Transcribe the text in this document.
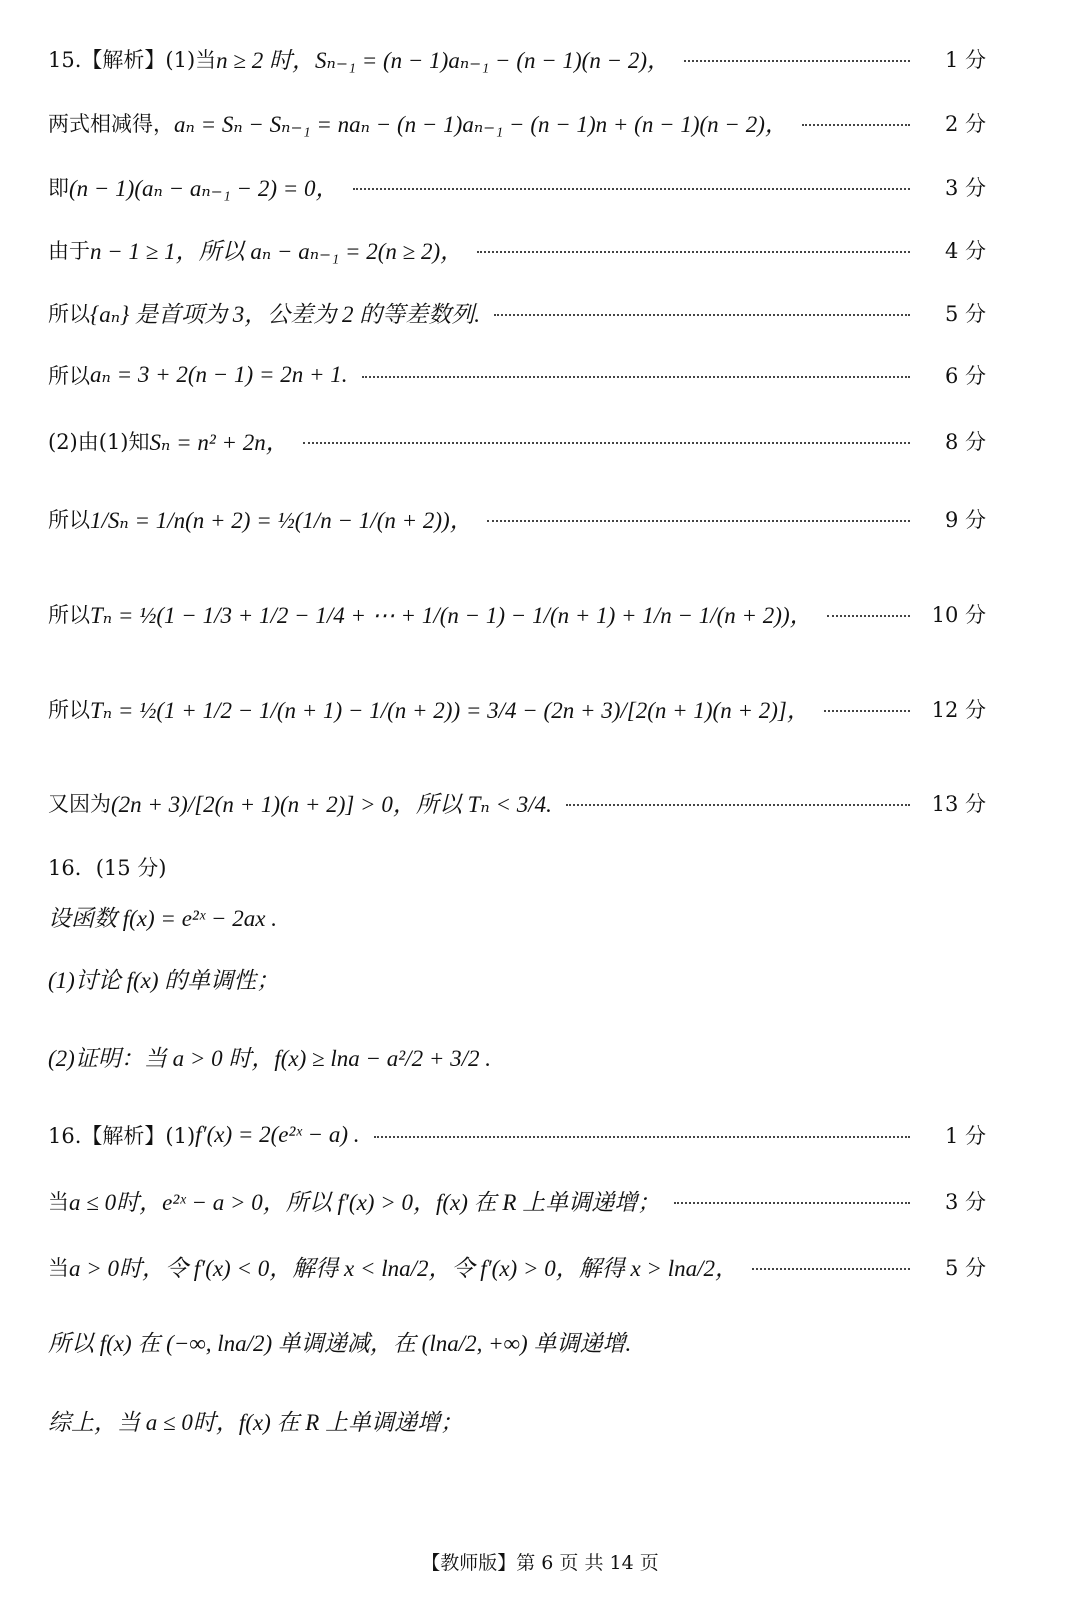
15.【解析】(1)当 n ≥ 2 时，Sₙ₋₁ = (n − 1)aₙ₋₁ − (n − 1)(n − 2)，	1 分
两式相减得， aₙ = Sₙ − Sₙ₋₁ = naₙ − (n − 1)aₙ₋₁ − (n − 1)n + (n − 1)(n − 2)，	2 分
即 (n − 1)(aₙ − aₙ₋₁ − 2) = 0，	3 分
由于 n − 1 ≥ 1，所以 aₙ − aₙ₋₁ = 2(n ≥ 2)，	4 分
所以 {aₙ} 是首项为 3，公差为 2 的等差数列.	5 分
所以 aₙ = 3 + 2(n − 1) = 2n + 1.	6 分
(2)由(1)知 Sₙ = n² + 2n，	8 分
所以 1/Sₙ = 1/n(n + 2) = ½(1/n − 1/(n + 2))，	9 分
所以 Tₙ = ½(1 − 1/3 + 1/2 − 1/4 + ⋯ + 1/(n − 1) − 1/(n + 1) + 1/n − 1/(n + 2))，	10 分
所以 Tₙ = ½(1 + 1/2 − 1/(n + 1) − 1/(n + 2)) = 3/4 − (2n + 3)/[2(n + 1)(n + 2)]，	12 分
又因为 (2n + 3)/[2(n + 1)(n + 2)] > 0，所以 Tₙ < 3/4.	13 分
16．(15 分)
设函数 f(x) = e²ˣ − 2ax .
(1)讨论 f(x) 的单调性；
(2)证明：当 a > 0 时，f(x) ≥ lna − a²/2 + 3/2 .
16.【解析】(1) f′(x) = 2(e²ˣ − a) .	1 分
当 a ≤ 0时，e²ˣ − a > 0，所以 f′(x) > 0，f(x) 在 R 上单调递增；	3 分
当 a > 0时，令 f′(x) < 0，解得 x < lna/2，令 f′(x) > 0，解得 x > lna/2，	5 分
所以 f(x) 在 (−∞, lna/2) 单调递减，在 (lna/2, +∞) 单调递增.
综上，当 a ≤ 0时，f(x) 在 R 上单调递增；
【教师版】第 6 页 共 14 页
